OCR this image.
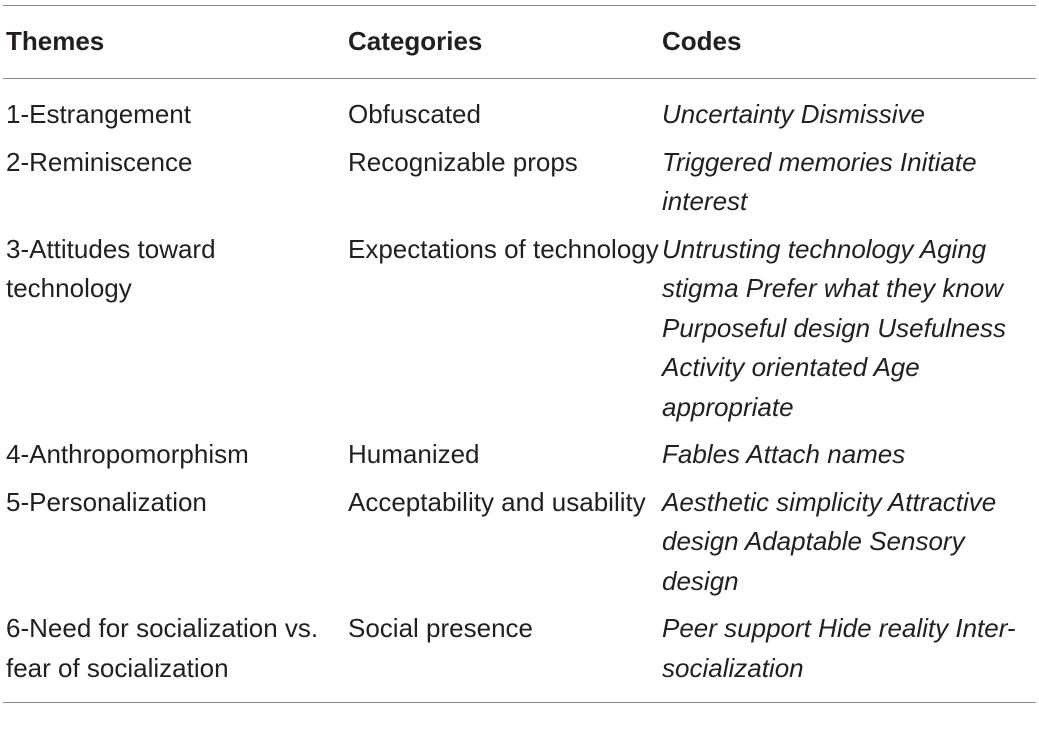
Themes	Categories	Codes
1-Estrangement	Obfuscated	Uncertainty Dismissive
2-Reminiscence	Recognizable props	Triggered memories Initiate interest
3-Attitudes toward technology	Expectations of technology	Untrusting technology Aging stigma Prefer what they know Purposeful design Usefulness Activity orientated Age appropriate
4-Anthropomorphism	Humanized	Fables Attach names
5-Personalization	Acceptability and usability	Aesthetic simplicity Attractive design Adaptable Sensory design
6-Need for socialization vs. fear of socialization	Social presence	Peer support Hide reality Inter-socialization
